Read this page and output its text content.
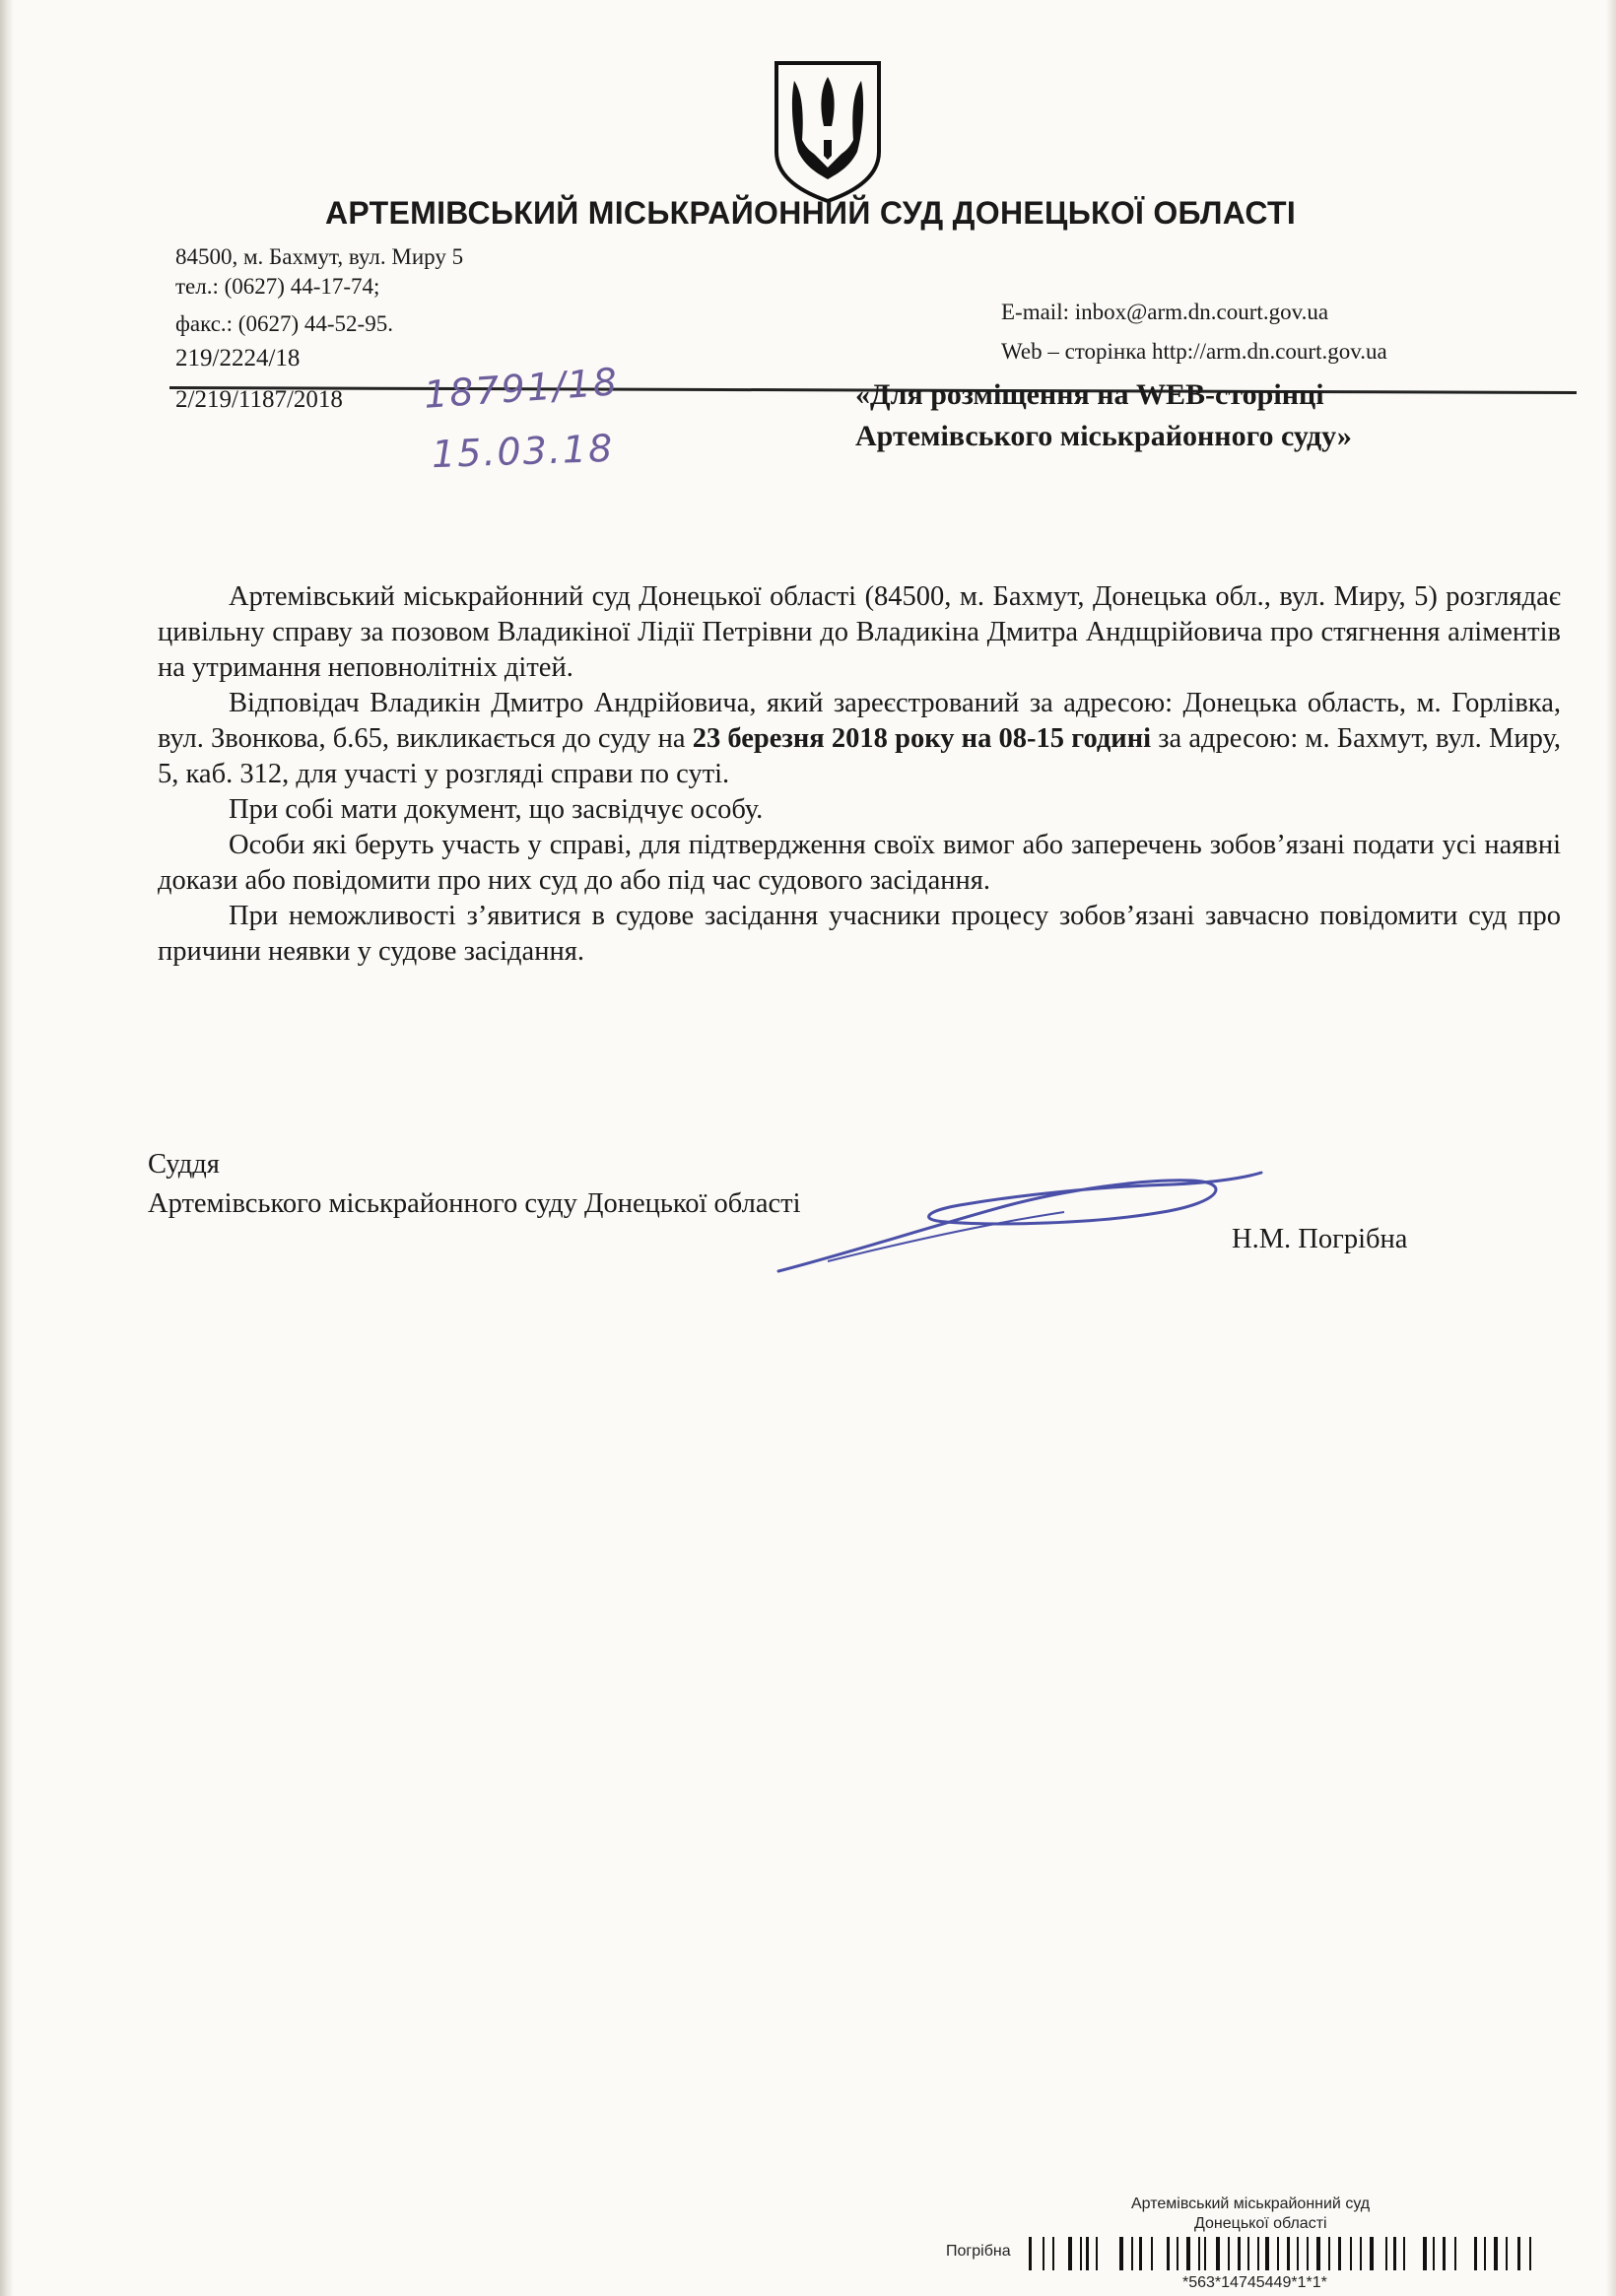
АРТЕМІВСЬКИЙ МІСЬКРАЙОННИЙ СУД ДОНЕЦЬКОЇ ОБЛАСТІ
84500, м. Бахмут, вул. Миру 5
тел.: (0627) 44-17-74;
факс.: (0627) 44-52-95.	E-mail: inbox@arm.dn.court.gov.ua
Web – сторінка http://arm.dn.court.gov.ua
219/2224/18
2/219/1187/2018 18791/18
15.03.18
«Для розміщення на WEB-сторінці
Артемівського міськрайонного суду»

Артемівський міськрайонний суд Донецької області (84500, м. Бахмут, Донецька обл., вул. Миру, 5) розглядає цивільну справу за позовом Владикіної Лідії Петрівни до Владикіна Дмитра Андщрійовича про стягнення аліментів на утримання неповнолітніх дітей.

Відповідач Владикін Дмитро Андрійовича, який зареєстрований за адресою: Донецька область, м. Горлівка, вул. Звонкова, б.65, викликається до суду на 23 березня 2018 року на 08-15 годині за адресою: м. Бахмут, вул. Миру, 5, каб. 312, для участі у розгляді справи по суті.

При собі мати документ, що засвідчує особу.

Особи які беруть участь у справі, для підтвердження своїх вимог або заперечень зобов’язані подати усі наявні докази або повідомити про них суд до або під час судового засідання.

При неможливості з’явитися в судове засідання учасники процесу зобов’язані завчасно повідомити суд про причини неявки у судове засідання.

Суддя
Артемівського міськрайонного суду Донецької області
Н.М. Погрібна
Артемівський міськрайонний суд
Донецької області
Погрібна
*563*14745449*1*1*
